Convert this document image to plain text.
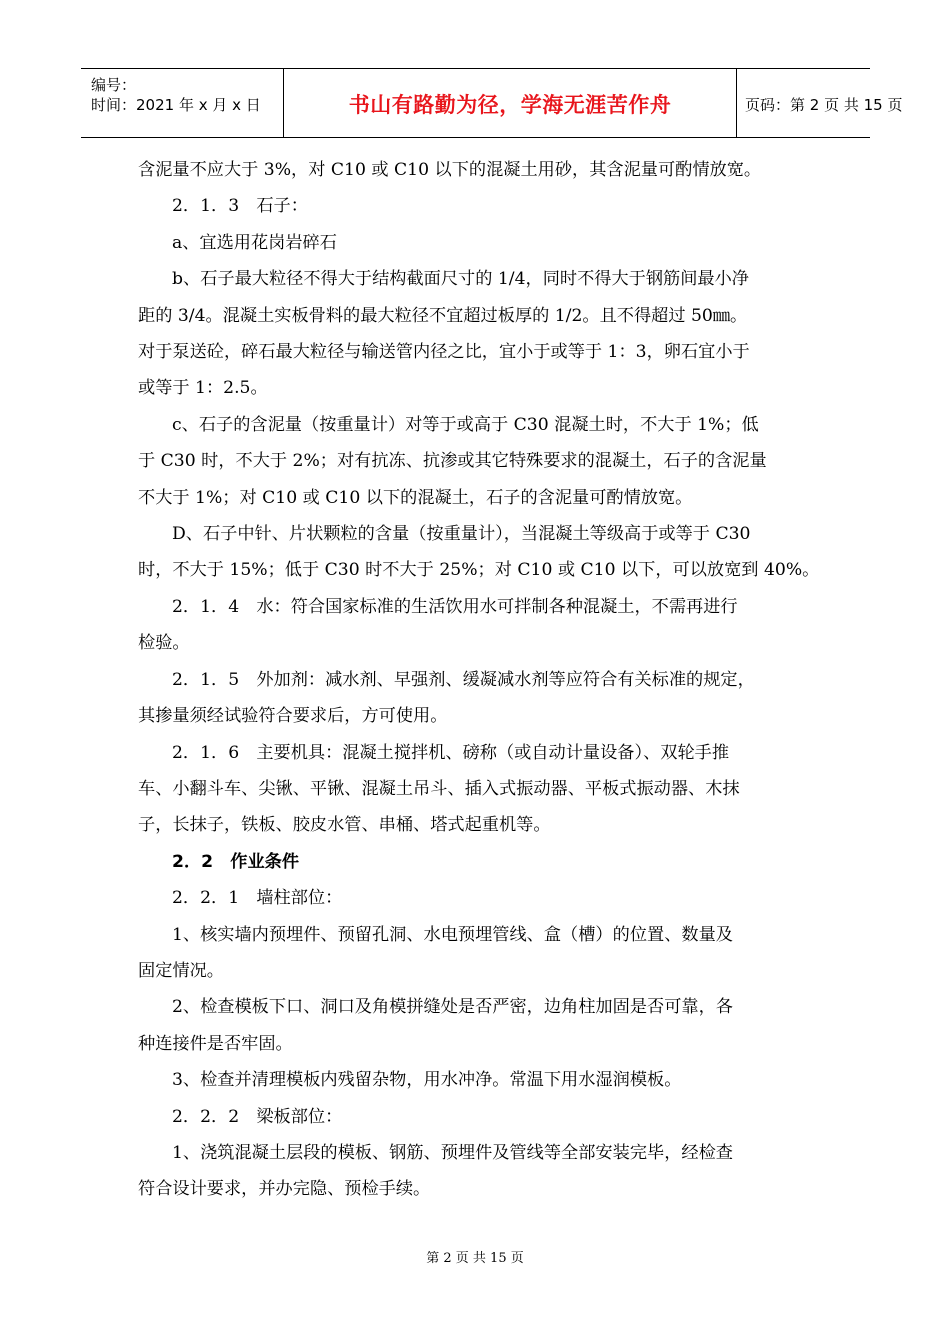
编号：
时间：2021 年 x 月 x 日	书山有路勤为径，学海无涯苦作舟	页码：第 2 页 共 15 页

含泥量不应大于 3%，对 C10 或 C10 以下的混凝土用砂，其含泥量可酌情放宽。

2．1．3　石子：

a、宜选用花岗岩碎石

b、石子最大粒径不得大于结构截面尺寸的 1/4，同时不得大于钢筋间最小净

距的 3/4。混凝土实板骨料的最大粒径不宜超过板厚的 1/2。且不得超过 50㎜。

对于泵送砼，碎石最大粒径与输送管内径之比，宜小于或等于 1：3，卵石宜小于

或等于 1：2.5。

c、石子的含泥量（按重量计）对等于或高于 C30 混凝土时，不大于 1%；低

于 C30 时，不大于 2%；对有抗冻、抗渗或其它特殊要求的混凝土，石子的含泥量

不大于 1%；对 C10 或 C10 以下的混凝土，石子的含泥量可酌情放宽。

D、石子中针、片状颗粒的含量（按重量计），当混凝土等级高于或等于 C30

时，不大于 15%；低于 C30 时不大于 25%；对 C10 或 C10 以下，可以放宽到 40%。

2．1．4　水：符合国家标准的生活饮用水可拌制各种混凝土，不需再进行

检验。

2．1．5　外加剂：减水剂、早强剂、缓凝减水剂等应符合有关标准的规定，

其掺量须经试验符合要求后，方可使用。

2．1．6　主要机具：混凝土搅拌机、磅称（或自动计量设备）、双轮手推

车、小翻斗车、尖锹、平锹、混凝土吊斗、插入式振动器、平板式振动器、木抹

子，长抹子，铁板、胶皮水管、串桶、塔式起重机等。

2．2　作业条件

2．2．1　墙柱部位：

1、核实墙内预埋件、预留孔洞、水电预埋管线、盒（槽）的位置、数量及

固定情况。

2、检查模板下口、洞口及角模拼缝处是否严密，边角柱加固是否可靠，各

种连接件是否牢固。

3、检查并清理模板内残留杂物，用水冲净。常温下用水湿润模板。

2．2．2　梁板部位：

1、浇筑混凝土层段的模板、钢筋、预埋件及管线等全部安装完毕，经检查

符合设计要求，并办完隐、预检手续。

第 2 页 共 15 页
